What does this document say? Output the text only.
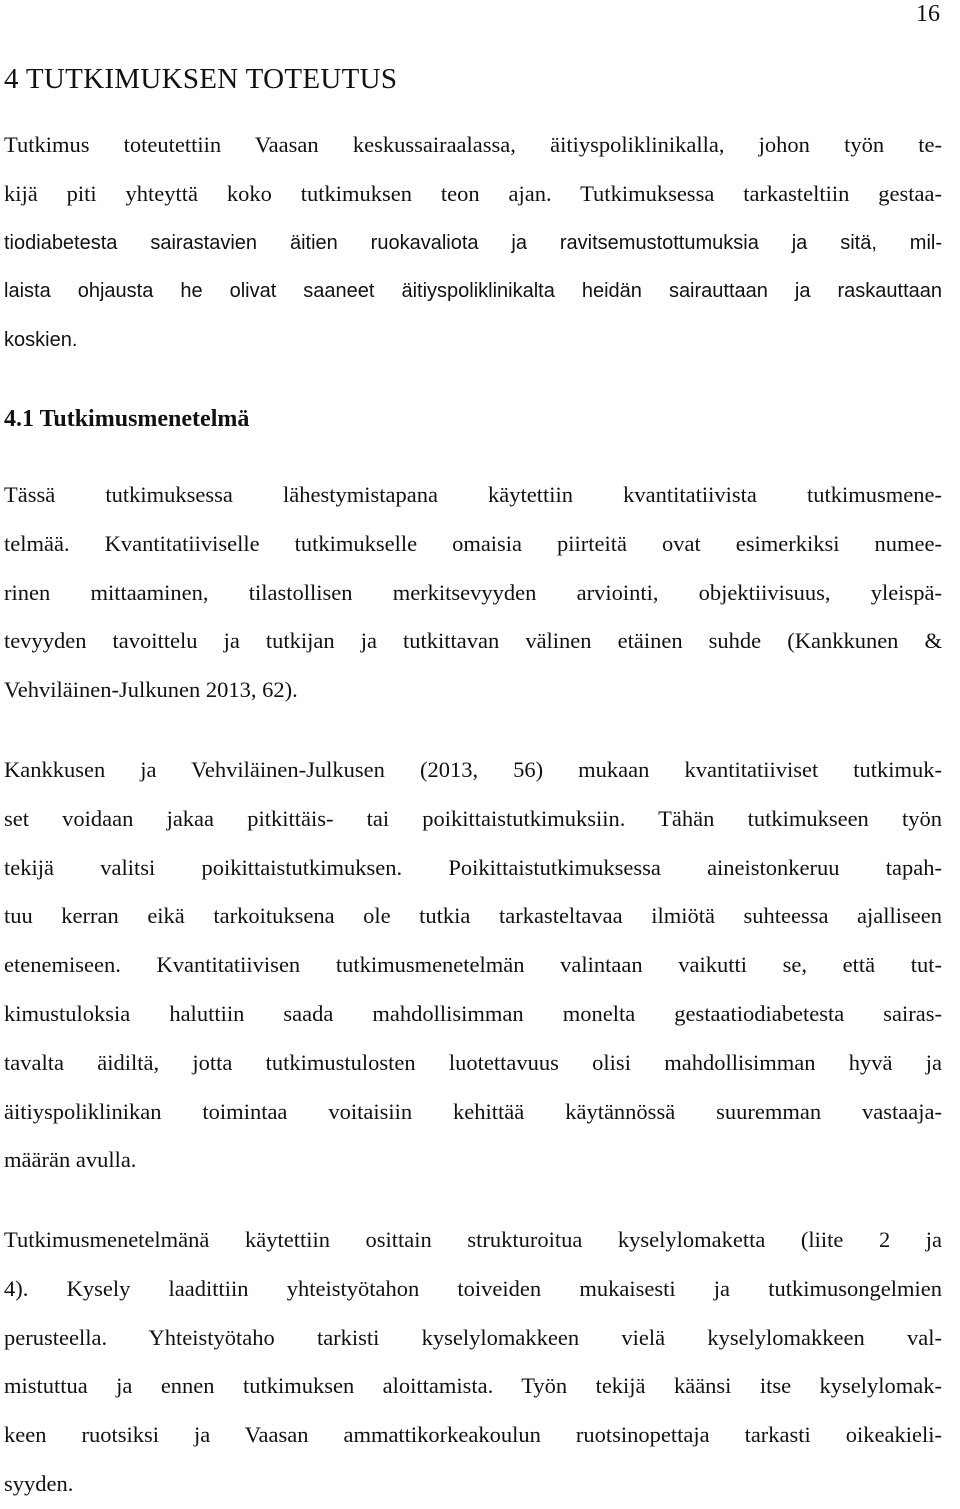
16
4 TUTKIMUKSEN TOTEUTUS

Tutkimus toteutettiin Vaasan keskussairaalassa, äitiyspoliklinikalla, johon työn te-
kijä piti yhteyttä koko tutkimuksen teon ajan. Tutkimuksessa tarkasteltiin gestaa-
tiodiabetesta sairastavien äitien ruokavaliota ja ravitsemustottumuksia ja sitä, mil-
laista ohjausta he olivat saaneet äitiyspoliklinikalta heidän sairauttaan ja raskauttaan
koskien.

4.1 Tutkimusmenetelmä

Tässä tutkimuksessa lähestymistapana käytettiin kvantitatiivista tutkimusmene-
telmää. Kvantitatiiviselle tutkimukselle omaisia piirteitä ovat esimerkiksi numee-
rinen mittaaminen, tilastollisen merkitsevyyden arviointi, objektiivisuus, yleispä-
tevyyden tavoittelu ja tutkijan ja tutkittavan välinen etäinen suhde (Kankkunen &
Vehviläinen-Julkunen 2013, 62).

Kankkusen ja Vehviläinen-Julkusen (2013, 56) mukaan kvantitatiiviset tutkimuk-
set voidaan jakaa pitkittäis- tai poikittaistutkimuksiin. Tähän tutkimukseen työn
tekijä valitsi poikittaistutkimuksen. Poikittaistutkimuksessa aineistonkeruu tapah-
tuu kerran eikä tarkoituksena ole tutkia tarkasteltavaa ilmiötä suhteessa ajalliseen
etenemiseen. Kvantitatiivisen tutkimusmenetelmän valintaan vaikutti se, että tut-
kimustuloksia haluttiin saada mahdollisimman monelta gestaatiodiabetesta sairas-
tavalta äidiltä, jotta tutkimustulosten luotettavuus olisi mahdollisimman hyvä ja
äitiyspoliklinikan toimintaa voitaisiin kehittää käytännössä suuremman vastaaja-
määrän avulla.

Tutkimusmenetelmänä käytettiin osittain strukturoitua kyselylomaketta (liite 2 ja
4). Kysely laadittiin yhteistyötahon toiveiden mukaisesti ja tutkimusongelmien
perusteella. Yhteistyötaho tarkisti kyselylomakkeen vielä kyselylomakkeen val-
mistuttua ja ennen tutkimuksen aloittamista. Työn tekijä käänsi itse kyselylomak-
keen ruotsiksi ja Vaasan ammattikorkeakoulun ruotsinopettaja tarkasti oikeakieli-
syyden.
